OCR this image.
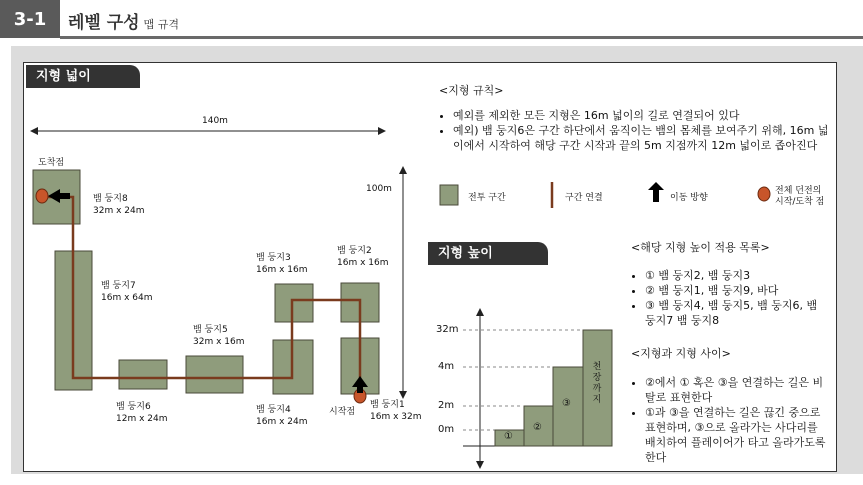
3-1	레벨 구성 맵 규격
지형 넓이
140m
100m
도착점
시작점
뱀 둥지8
32m x 24m
뱀 둥지7
16m x 64m
뱀 둥지6
12m x 24m
뱀 둥지5
32m x 16m
뱀 둥지4
16m x 24m
뱀 둥지3
16m x 16m
뱀 둥지2
16m x 16m
뱀 둥지1
16m x 32m
<지형 규칙>
• 예외를 제외한 모든 지형은 16m 넓이의 길로 연결되어 있다
• 예외) 뱀 둥지6은 구간 하단에서 움직이는 뱀의 몸체를 보여주기 위해, 16m 넓이에서 시작하여 해당 구간 시작과 끝의 5m 지점까지 12m 넓이로 좁아진다
전투 구간	구간 연결	이동 방향
전체 던전의 시작/도착 점
지형 높이
32m
4m
2m
0m
①
②
③
천장까지
<해당 지형 높이 적용 목록>
• ① 뱀 둥지2, 뱀 둥지3
• ② 뱀 둥지1, 뱀 둥지9, 바다
• ③ 뱀 둥지4, 뱀 둥지5, 뱀 둥지6, 뱀 둥지7 뱀 둥지8
<지형과 지형 사이>
• ②에서 ① 혹은 ③을 연결하는 길은 비탈로 표현한다
• ①과 ③을 연결하는 길은 끊긴 중으로 표현하며, ③으로 올라가는 사다리를 배치하여 플레이어가 타고 올라가도록 한다
